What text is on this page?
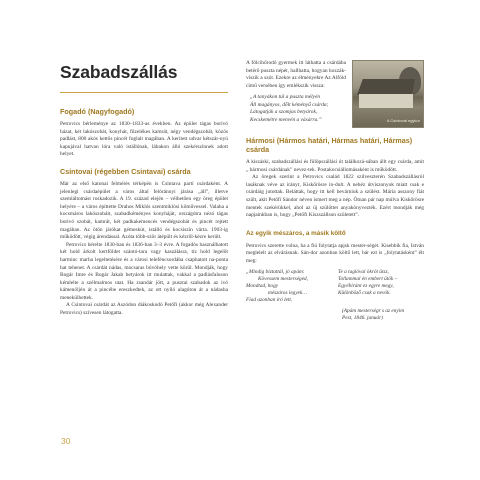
Szabadszállás
Fogadó (Nagyfogadó)

Petrovics bérleménye az 1830–1833-as években. Az épület tágas borivó házat, két lakószobát, konyhát, fűzelékes kamrát, négy vendégszobát, közös padlást, 800 akós kettős pincét foglalt magában. A kerített udvar kétszár-nyú kapujával hatvan lóra való istállónak, lábakon álló szekérszínnek adott helyet.

Csintovai (régebben Csintavai) csárda

Már az első katonai felmérés térképén is Csintava partí csárdaként. A jelenlegi csárdaépület a város által felóránnyi járása „áll”, illetve szemláltomást roskadozik. A 19. század elején – vélhetően egy öreg épület helyére – a város építtette Drahos Miklós szentmiklósi kőművessel. Valaha a kocsmáros lakószobáit, szabadkéményes konyháját, országútra nézó tágas borivó szobát, kamrát, két padkakemencés vendégszobát és pincét rejtett magában. Az ötön járókat gémeskút, istálló és kocsiszín várta. 1903-ig működött, végig árendással. Azóta több-ször átépült és kézről-kézre került.

Petrovics bérelte 1830-ban és 1836-ban 3–3 évre. A fogadós használhatott két hold árkolt kertföldet szántó-tara vagy kaszálásra, tíz hold legelőt harminc marha legeltetésére és a városi teleféncsordába csaphatott na-ponta hat tehenet. A csárdát nádas, mocsaras búvóhely vette körül. Mondják, hogy Bogár Imre és Bogár Jakab betyárok itt mulattak, vakkal a padlásfaluson kémlelte a szélmalmos utat. Ha zsandár jött, a pusztai szabadok az ivó kámenöljén át a pincébe ereszkedtek, az ott nyíló alagúton át a nádasba menekülhettek.

A Csintovai csárdát az Aszódon diákoskodó Petőfi (akkor még Alexander Petrovics) szívesen látogatta.

A fölcihőrodó gyermek itt láthatta a csárdába betérő puszta népét, hallhatta, hogyan hozzák-viszik a szót. Ezekre az élményekre Az Alföld című versében így emlékszik vissza:

„A tanyákon túl a puszta mélyén
Áll magányos, dőlt kéményű csárda;
Látogatják a szomjas betyárok,
Kecskemétre menvén a vásárra.”	A Csintovai egykor
Hármosi (Hármos határi, Hármas határi, Hármas) csárda

A kiszáski, szabadszállási és fülöpszállási út találkozá-sában állt egy csárda, amit „ hármosi csárdának” nevez-tek. Postakocsiállomásaként is működött.

Az öregek szerint a Petrovics család 1822 szilveszterén Szabadszállásról lasáknak véve az irányt, Kiskőrösre in-dult. A nehéz útviszonyok miatt csak e csárdáig jutottak. Beláttak, hogy itt kell bevárniuk a szülést. Mária asszony fiát szült, akit Petőfi Sándor néven ismert meg a nép. Ötnan pár nap múlva Kiskőrösre mentek szekérükkel, ahol az új szülöttet anyakönyvezték. Ezért mondják még napjainkban is, hogy „Petőfi Kiszszállson született”.

Az egyik mészáros, a másik költő

Petrovics szerette volna, ha a fiú folytatja apjsk mester-ségét. Kisebbik fia, István meglelelt az elvárásnak. Sán-dor azonban költő lett, bár ezt is „folytatásként” élt meg:

„Mindig biztattál, jó apám:
Kövessem mesterséged,
Mondtad, hogy
mészáros legyek…
Fiad azonban író lett.
Te a taglóval ökröt ütsz,
Tollammal én embert ütök –
Egyébiránt ez egyre megy,
Különböző csak a nevök.
(Apám mesterségr s az enyim
Pest, 1846. január)
30
